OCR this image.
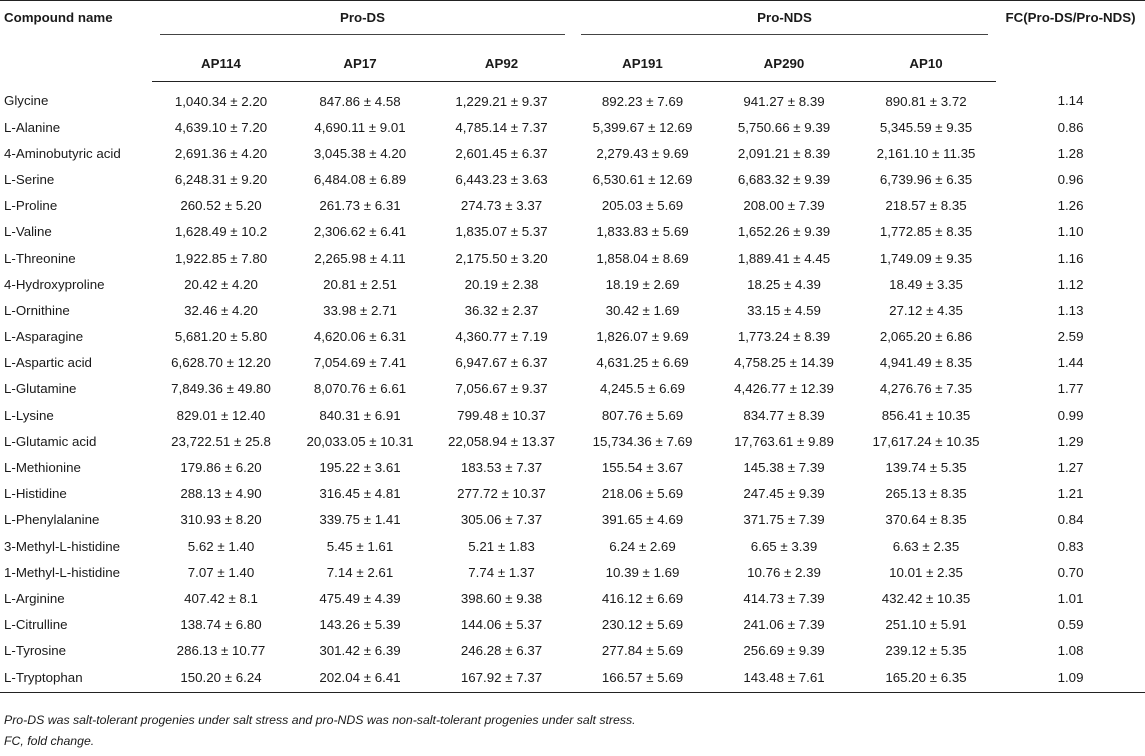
Compound name	Pro-DS			Pro-NDS			FC(Pro-DS/Pro-NDS)
	AP114	AP17	AP92	AP191	AP290	AP10	
Glycine	1,040.34 ± 2.20	847.86 ± 4.58	1,229.21 ± 9.37	892.23 ± 7.69	941.27 ± 8.39	890.81 ± 3.72	1.14
L-Alanine	4,639.10 ± 7.20	4,690.11 ± 9.01	4,785.14 ± 7.37	5,399.67 ± 12.69	5,750.66 ± 9.39	5,345.59 ± 9.35	0.86
4-Aminobutyric acid	2,691.36 ± 4.20	3,045.38 ± 4.20	2,601.45 ± 6.37	2,279.43 ± 9.69	2,091.21 ± 8.39	2,161.10 ± 11.35	1.28
L-Serine	6,248.31 ± 9.20	6,484.08 ± 6.89	6,443.23 ± 3.63	6,530.61 ± 12.69	6,683.32 ± 9.39	6,739.96 ± 6.35	0.96
L-Proline	260.52 ± 5.20	261.73 ± 6.31	274.73 ± 3.37	205.03 ± 5.69	208.00 ± 7.39	218.57 ± 8.35	1.26
L-Valine	1,628.49 ± 10.2	2,306.62 ± 6.41	1,835.07 ± 5.37	1,833.83 ± 5.69	1,652.26 ± 9.39	1,772.85 ± 8.35	1.10
L-Threonine	1,922.85 ± 7.80	2,265.98 ± 4.11	2,175.50 ± 3.20	1,858.04 ± 8.69	1,889.41 ± 4.45	1,749.09 ± 9.35	1.16
4-Hydroxyproline	20.42 ± 4.20	20.81 ± 2.51	20.19 ± 2.38	18.19 ± 2.69	18.25 ± 4.39	18.49 ± 3.35	1.12
L-Ornithine	32.46 ± 4.20	33.98 ± 2.71	36.32 ± 2.37	30.42 ± 1.69	33.15 ± 4.59	27.12 ± 4.35	1.13
L-Asparagine	5,681.20 ± 5.80	4,620.06 ± 6.31	4,360.77 ± 7.19	1,826.07 ± 9.69	1,773.24 ± 8.39	2,065.20 ± 6.86	2.59
L-Aspartic acid	6,628.70 ± 12.20	7,054.69 ± 7.41	6,947.67 ± 6.37	4,631.25 ± 6.69	4,758.25 ± 14.39	4,941.49 ± 8.35	1.44
L-Glutamine	7,849.36 ± 49.80	8,070.76 ± 6.61	7,056.67 ± 9.37	4,245.5 ± 6.69	4,426.77 ± 12.39	4,276.76 ± 7.35	1.77
L-Lysine	829.01 ± 12.40	840.31 ± 6.91	799.48 ± 10.37	807.76 ± 5.69	834.77 ± 8.39	856.41 ± 10.35	0.99
L-Glutamic acid	23,722.51 ± 25.8	20,033.05 ± 10.31	22,058.94 ± 13.37	15,734.36 ± 7.69	17,763.61 ± 9.89	17,617.24 ± 10.35	1.29
L-Methionine	179.86 ± 6.20	195.22 ± 3.61	183.53 ± 7.37	155.54 ± 3.67	145.38 ± 7.39	139.74 ± 5.35	1.27
L-Histidine	288.13 ± 4.90	316.45 ± 4.81	277.72 ± 10.37	218.06 ± 5.69	247.45 ± 9.39	265.13 ± 8.35	1.21
L-Phenylalanine	310.93 ± 8.20	339.75 ± 1.41	305.06 ± 7.37	391.65 ± 4.69	371.75 ± 7.39	370.64 ± 8.35	0.84
3-Methyl-L-histidine	5.62 ± 1.40	5.45 ± 1.61	5.21 ± 1.83	6.24 ± 2.69	6.65 ± 3.39	6.63 ± 2.35	0.83
1-Methyl-L-histidine	7.07 ± 1.40	7.14 ± 2.61	7.74 ± 1.37	10.39 ± 1.69	10.76 ± 2.39	10.01 ± 2.35	0.70
L-Arginine	407.42 ± 8.1	475.49 ± 4.39	398.60 ± 9.38	416.12 ± 6.69	414.73 ± 7.39	432.42 ± 10.35	1.01
L-Citrulline	138.74 ± 6.80	143.26 ± 5.39	144.06 ± 5.37	230.12 ± 5.69	241.06 ± 7.39	251.10 ± 5.91	0.59
L-Tyrosine	286.13 ± 10.77	301.42 ± 6.39	246.28 ± 6.37	277.84 ± 5.69	256.69 ± 9.39	239.12 ± 5.35	1.08
L-Tryptophan	150.20 ± 6.24	202.04 ± 6.41	167.92 ± 7.37	166.57 ± 5.69	143.48 ± 7.61	165.20 ± 6.35	1.09
Pro-DS was salt-tolerant progenies under salt stress and pro-NDS was non-salt-tolerant progenies under salt stress.
FC, fold change.
